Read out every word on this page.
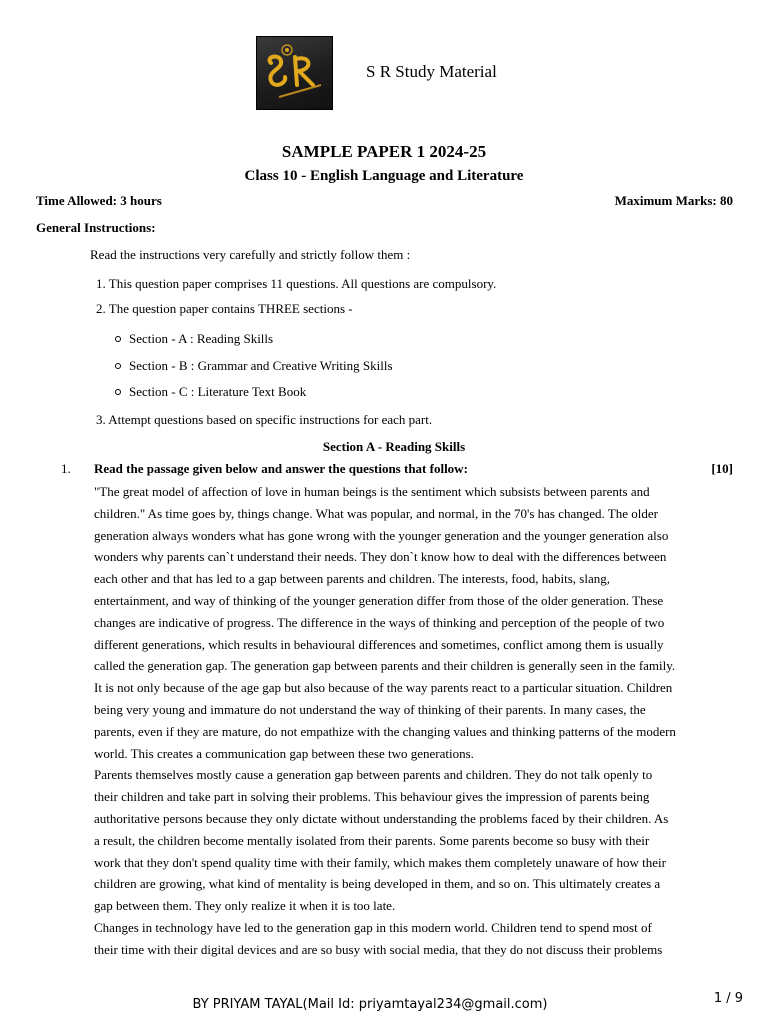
S R Study Material
SAMPLE PAPER 1 2024-25
Class 10 - English Language and Literature
Time Allowed: 3 hours	Maximum Marks: 80
General Instructions:
Read the instructions very carefully and strictly follow them :
1. This question paper comprises 11 questions. All questions are compulsory.
2. The question paper contains THREE sections -
Section - A : Reading Skills
Section - B : Grammar and Creative Writing Skills
Section - C : Literature Text Book
3. Attempt questions based on specific instructions for each part.
Section A - Reading Skills
1. Read the passage given below and answer the questions that follow:	[10]
"The great model of affection of love in human beings is the sentiment which subsists between parents and
children." As time goes by, things change. What was popular, and normal, in the 70's has changed. The older
generation always wonders what has gone wrong with the younger generation and the younger generation also
wonders why parents can`t understand their needs. They don`t know how to deal with the differences between
each other and that has led to a gap between parents and children. The interests, food, habits, slang,
entertainment, and way of thinking of the younger generation differ from those of the older generation. These
changes are indicative of progress. The difference in the ways of thinking and perception of the people of two
different generations, which results in behavioural differences and sometimes, conflict among them is usually
called the generation gap. The generation gap between parents and their children is generally seen in the family.
It is not only because of the age gap but also because of the way parents react to a particular situation. Children
being very young and immature do not understand the way of thinking of their parents. In many cases, the
parents, even if they are mature, do not empathize with the changing values and thinking patterns of the modern
world. This creates a communication gap between these two generations.
Parents themselves mostly cause a generation gap between parents and children. They do not talk openly to
their children and take part in solving their problems. This behaviour gives the impression of parents being
authoritative persons because they only dictate without understanding the problems faced by their children. As
a result, the children become mentally isolated from their parents. Some parents become so busy with their
work that they don't spend quality time with their family, which makes them completely unaware of how their
children are growing, what kind of mentality is being developed in them, and so on. This ultimately creates a
gap between them. They only realize it when it is too late.
Changes in technology have led to the generation gap in this modern world. Children tend to spend most of
their time with their digital devices and are so busy with social media, that they do not discuss their problems
BY PRIYAM TAYAL(Mail Id: priyamtayal234@gmail.com)	1 / 9
